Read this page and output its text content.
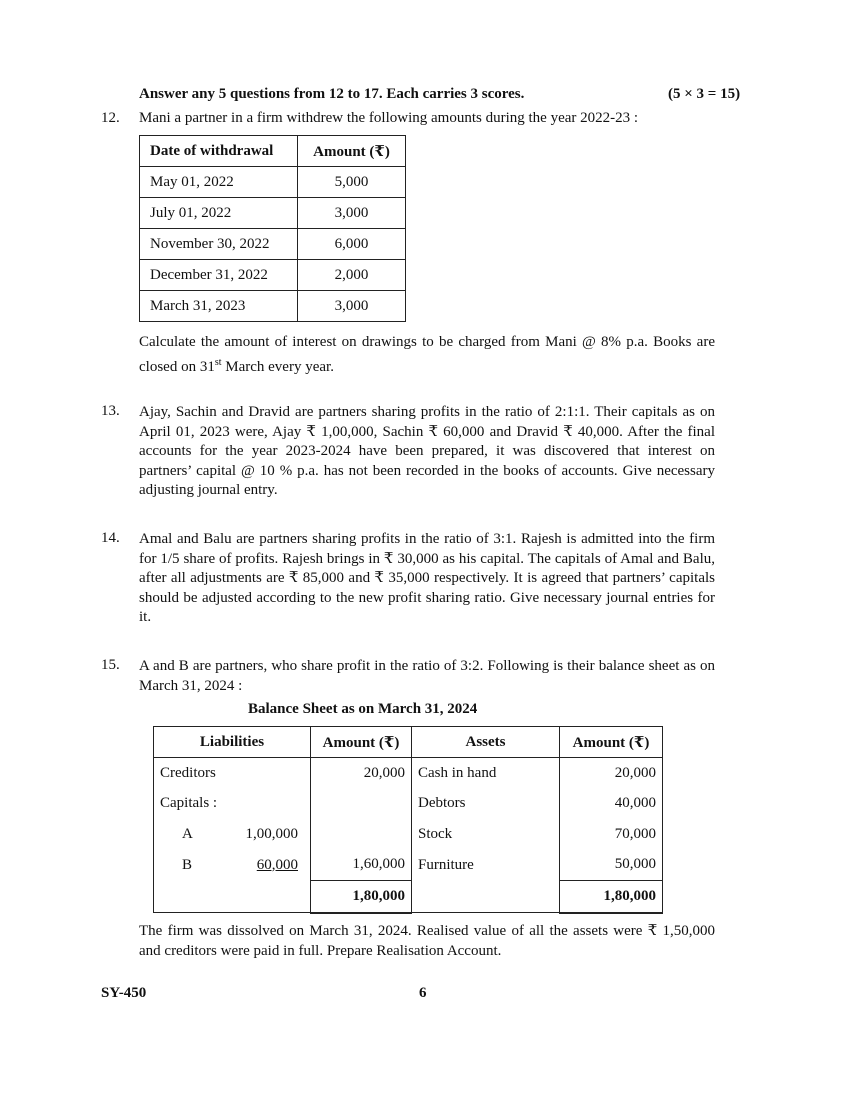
Answer any 5 questions from 12 to 17. Each carries 3 scores.	(5 × 3 = 15)
12. Mani a partner in a firm withdrew the following amounts during the year 2022-23 :
Date of withdrawal	Amount (₹)
May 01, 2022	5,000
July 01, 2022	3,000
November 30, 2022	6,000
December 31, 2022	2,000
March 31, 2023	3,000
Calculate the amount of interest on drawings to be charged from Mani @ 8% p.a. Books are closed on 31st March every year.
13. Ajay, Sachin and Dravid are partners sharing profits in the ratio of 2:1:1. Their capitals as on April 01, 2023 were, Ajay ₹ 1,00,000, Sachin ₹ 60,000 and Dravid ₹ 40,000. After the final accounts for the year 2023-2024 have been prepared, it was discovered that interest on partners’ capital @ 10 % p.a. has not been recorded in the books of accounts. Give necessary adjusting journal entry.
14. Amal and Balu are partners sharing profits in the ratio of 3:1. Rajesh is admitted into the firm for 1/5 share of profits. Rajesh brings in ₹ 30,000 as his capital. The capitals of Amal and Balu, after all adjustments are ₹ 85,000 and ₹ 35,000 respectively. It is agreed that partners’ capitals should be adjusted according to the new profit sharing ratio. Give necessary journal entries for it.
15. A and B are partners, who share profit in the ratio of 3:2. Following is their balance sheet as on March 31, 2024 :
Balance Sheet as on March 31, 2024
Liabilities	Amount (₹)	Assets	Amount (₹)
Creditors	20,000	Cash in hand	20,000
Capitals :		Debtors	40,000
A 1,00,000		Stock	70,000
B 60,000	1,60,000	Furniture	50,000
	1,80,000		1,80,000
The firm was dissolved on March 31, 2024. Realised value of all the assets were ₹ 1,50,000 and creditors were paid in full. Prepare Realisation Account.
SY-450	6
